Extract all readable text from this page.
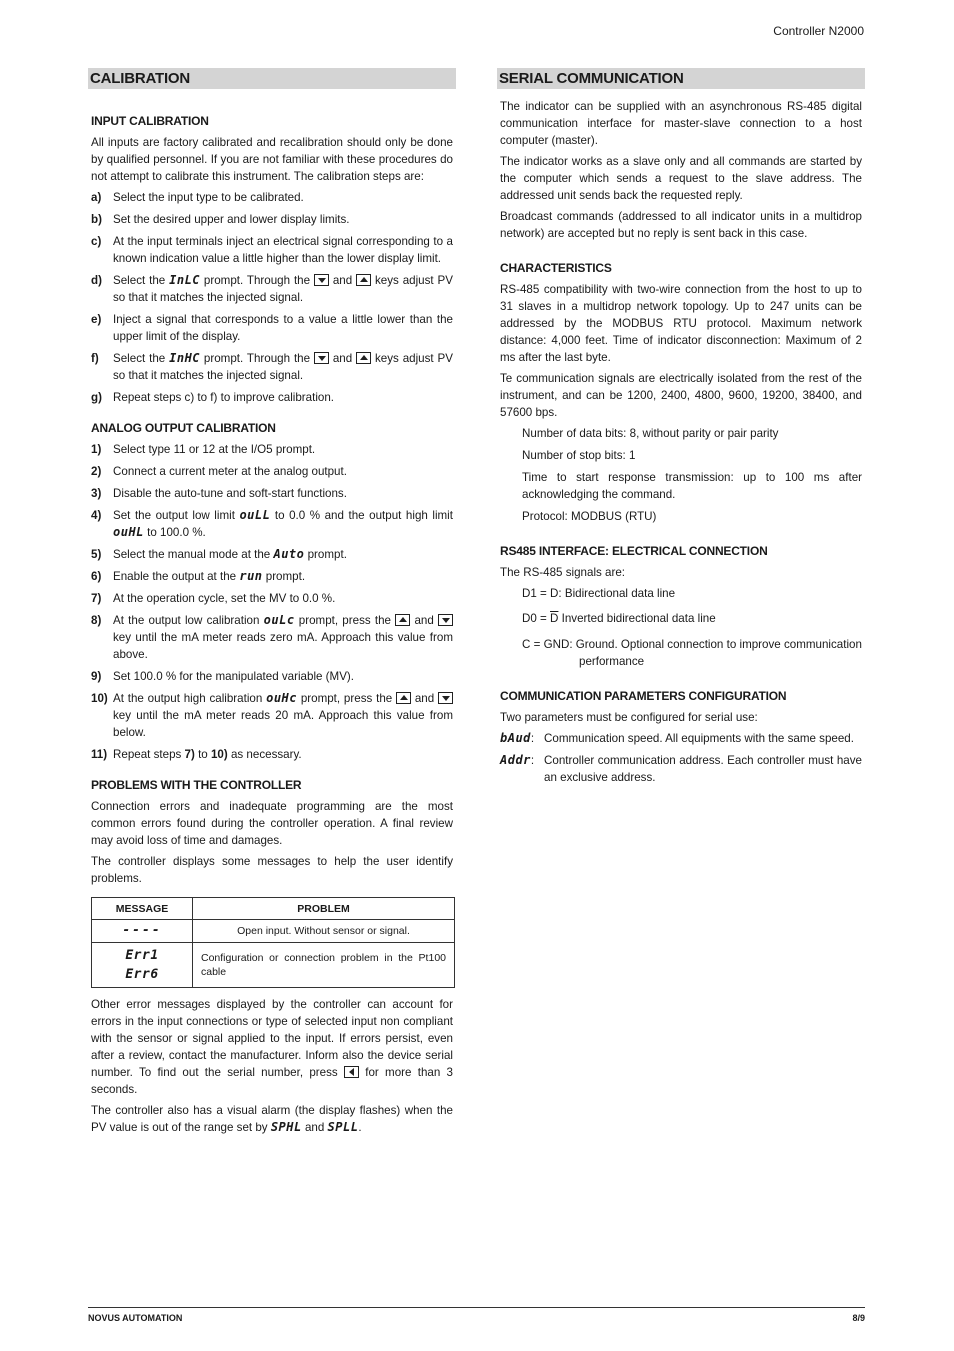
Controller N2000
CALIBRATION
INPUT CALIBRATION
All inputs are factory calibrated and recalibration should only be done by qualified personnel. If you are not familiar with these procedures do not attempt to calibrate this instrument. The calibration steps are:
a)	Select the input type to be calibrated.
b) Set the desired upper and lower display limits.
c)	At the input terminals inject an electrical signal corresponding to a known indication value a little higher than the lower display limit.
d) Select the InLC prompt. Through the  and  keys adjust PV so that it matches the injected signal.
e)	Inject a signal that corresponds to a value a little lower than the upper limit of the display.
f)	Select the InHC prompt. Through the  and  keys adjust PV so that it matches the injected signal.
g) Repeat steps c) to f) to improve calibration.
ANALOG OUTPUT CALIBRATION
1)	Select type 11 or 12 at the I/O5 prompt.
2)	Connect a current meter at the analog output.
3)	Disable the auto-tune and soft-start functions.
4)	Set the output low limit ouLL to 0.0 % and the output high limit ouHL to 100.0 %.
5)	Select the manual mode at the Auto prompt.
6)	Enable the output at the run prompt.
7)	At the operation cycle, set the MV to 0.0 %.
8)	At the output low calibration ouLc prompt, press the  and  key until the mA meter reads zero mA. Approach this value from above.
9)	Set 100.0 % for the manipulated variable (MV).
10) At the output high calibration ouHc prompt, press the  and  key until the mA meter reads 20 mA. Approach this value from below.
11) Repeat steps 7) to 10) as necessary.
PROBLEMS WITH THE CONTROLLER
Connection errors and inadequate programming are the most common errors found during the controller operation. A final review may avoid loss of time and damages.
The controller displays some messages to help the user identify problems.
MESSAGE	PROBLEM
----	Open input. Without sensor or signal.

Err1
Err6	Configuration or connection problem in the Pt100 cable
Other error messages displayed by the controller can account for errors in the input connections or type of selected input non compliant with the sensor or signal applied to the input. If errors persist, even after a review, contact the manufacturer. Inform also the device serial number. To find out the serial number, press  for more than 3 seconds.
The controller also has a visual alarm (the display flashes) when the PV value is out of the range set by SPHL and SPLL.
SERIAL COMMUNICATION
The indicator can be supplied with an asynchronous RS-485 digital communication interface for master-slave connection to a host computer (master).
The indicator works as a slave only and all commands are started by the computer which sends a request to the slave address. The addressed unit sends back the requested reply.
Broadcast commands (addressed to all indicator units in a multidrop network) are accepted but no reply is sent back in this case.
CHARACTERISTICS
RS-485 compatibility with two-wire connection from the host to up to 31 slaves in a multidrop network topology. Up to 247 units can be addressed by the MODBUS RTU protocol. Maximum network distance: 4,000 feet. Time of indicator disconnection: Maximum of 2 ms after the last byte.
Te communication signals are electrically isolated from the rest of the instrument, and can be 1200, 2400, 4800, 9600, 19200, 38400, and 57600 bps.
Number of data bits: 8, without parity or pair parity
Number of stop bits: 1
Time to start response transmission: up to 100 ms after acknowledging the command.
Protocol: MODBUS (RTU)
RS485 INTERFACE: ELECTRICAL CONNECTION
The RS-485 signals are:
D1 = D: Bidirectional data line
$D0 = \overline{D}$ Inverted bidirectional data line
C = GND: Ground. Optional connection to improve communication
performance
COMMUNICATION PARAMETERS CONFIGURATION
Two parameters must be configured for serial use:
bAud: Communication speed. All equipments with the same speed.
Addr: Controller communication address. Each controller must have an exclusive address.
NOVUS AUTOMATION	8/9
